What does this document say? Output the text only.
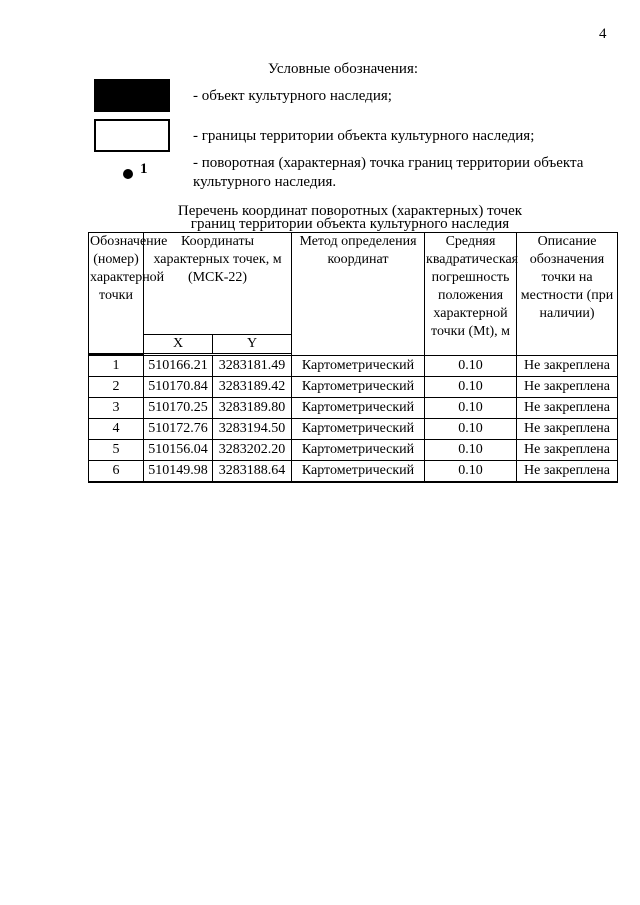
4
Условные обозначения:
- объект культурного наследия;
- границы территории объекта культурного наследия;
1	- поворотная (характерная) точка границ территории объекта культурного наследия.
Перечень координат поворотных (характерных) точек
границ территории объекта культурного наследия
Обозначение (номер) характерной точки	Координаты характерных точек, м (МСК-22)		Метод определения координат	Средняя квадратическая погрешность положения характерной точки (Mt), м	Описание обозначения точки на местности (при наличии)
	X	Y			

1	510166.21	3283181.49	Картометрический	0.10	Не закреплена
2	510170.84	3283189.42	Картометрический	0.10	Не закреплена
3	510170.25	3283189.80	Картометрический	0.10	Не закреплена
4	510172.76	3283194.50	Картометрический	0.10	Не закреплена
5	510156.04	3283202.20	Картометрический	0.10	Не закреплена
6	510149.98	3283188.64	Картометрический	0.10	Не закреплена
